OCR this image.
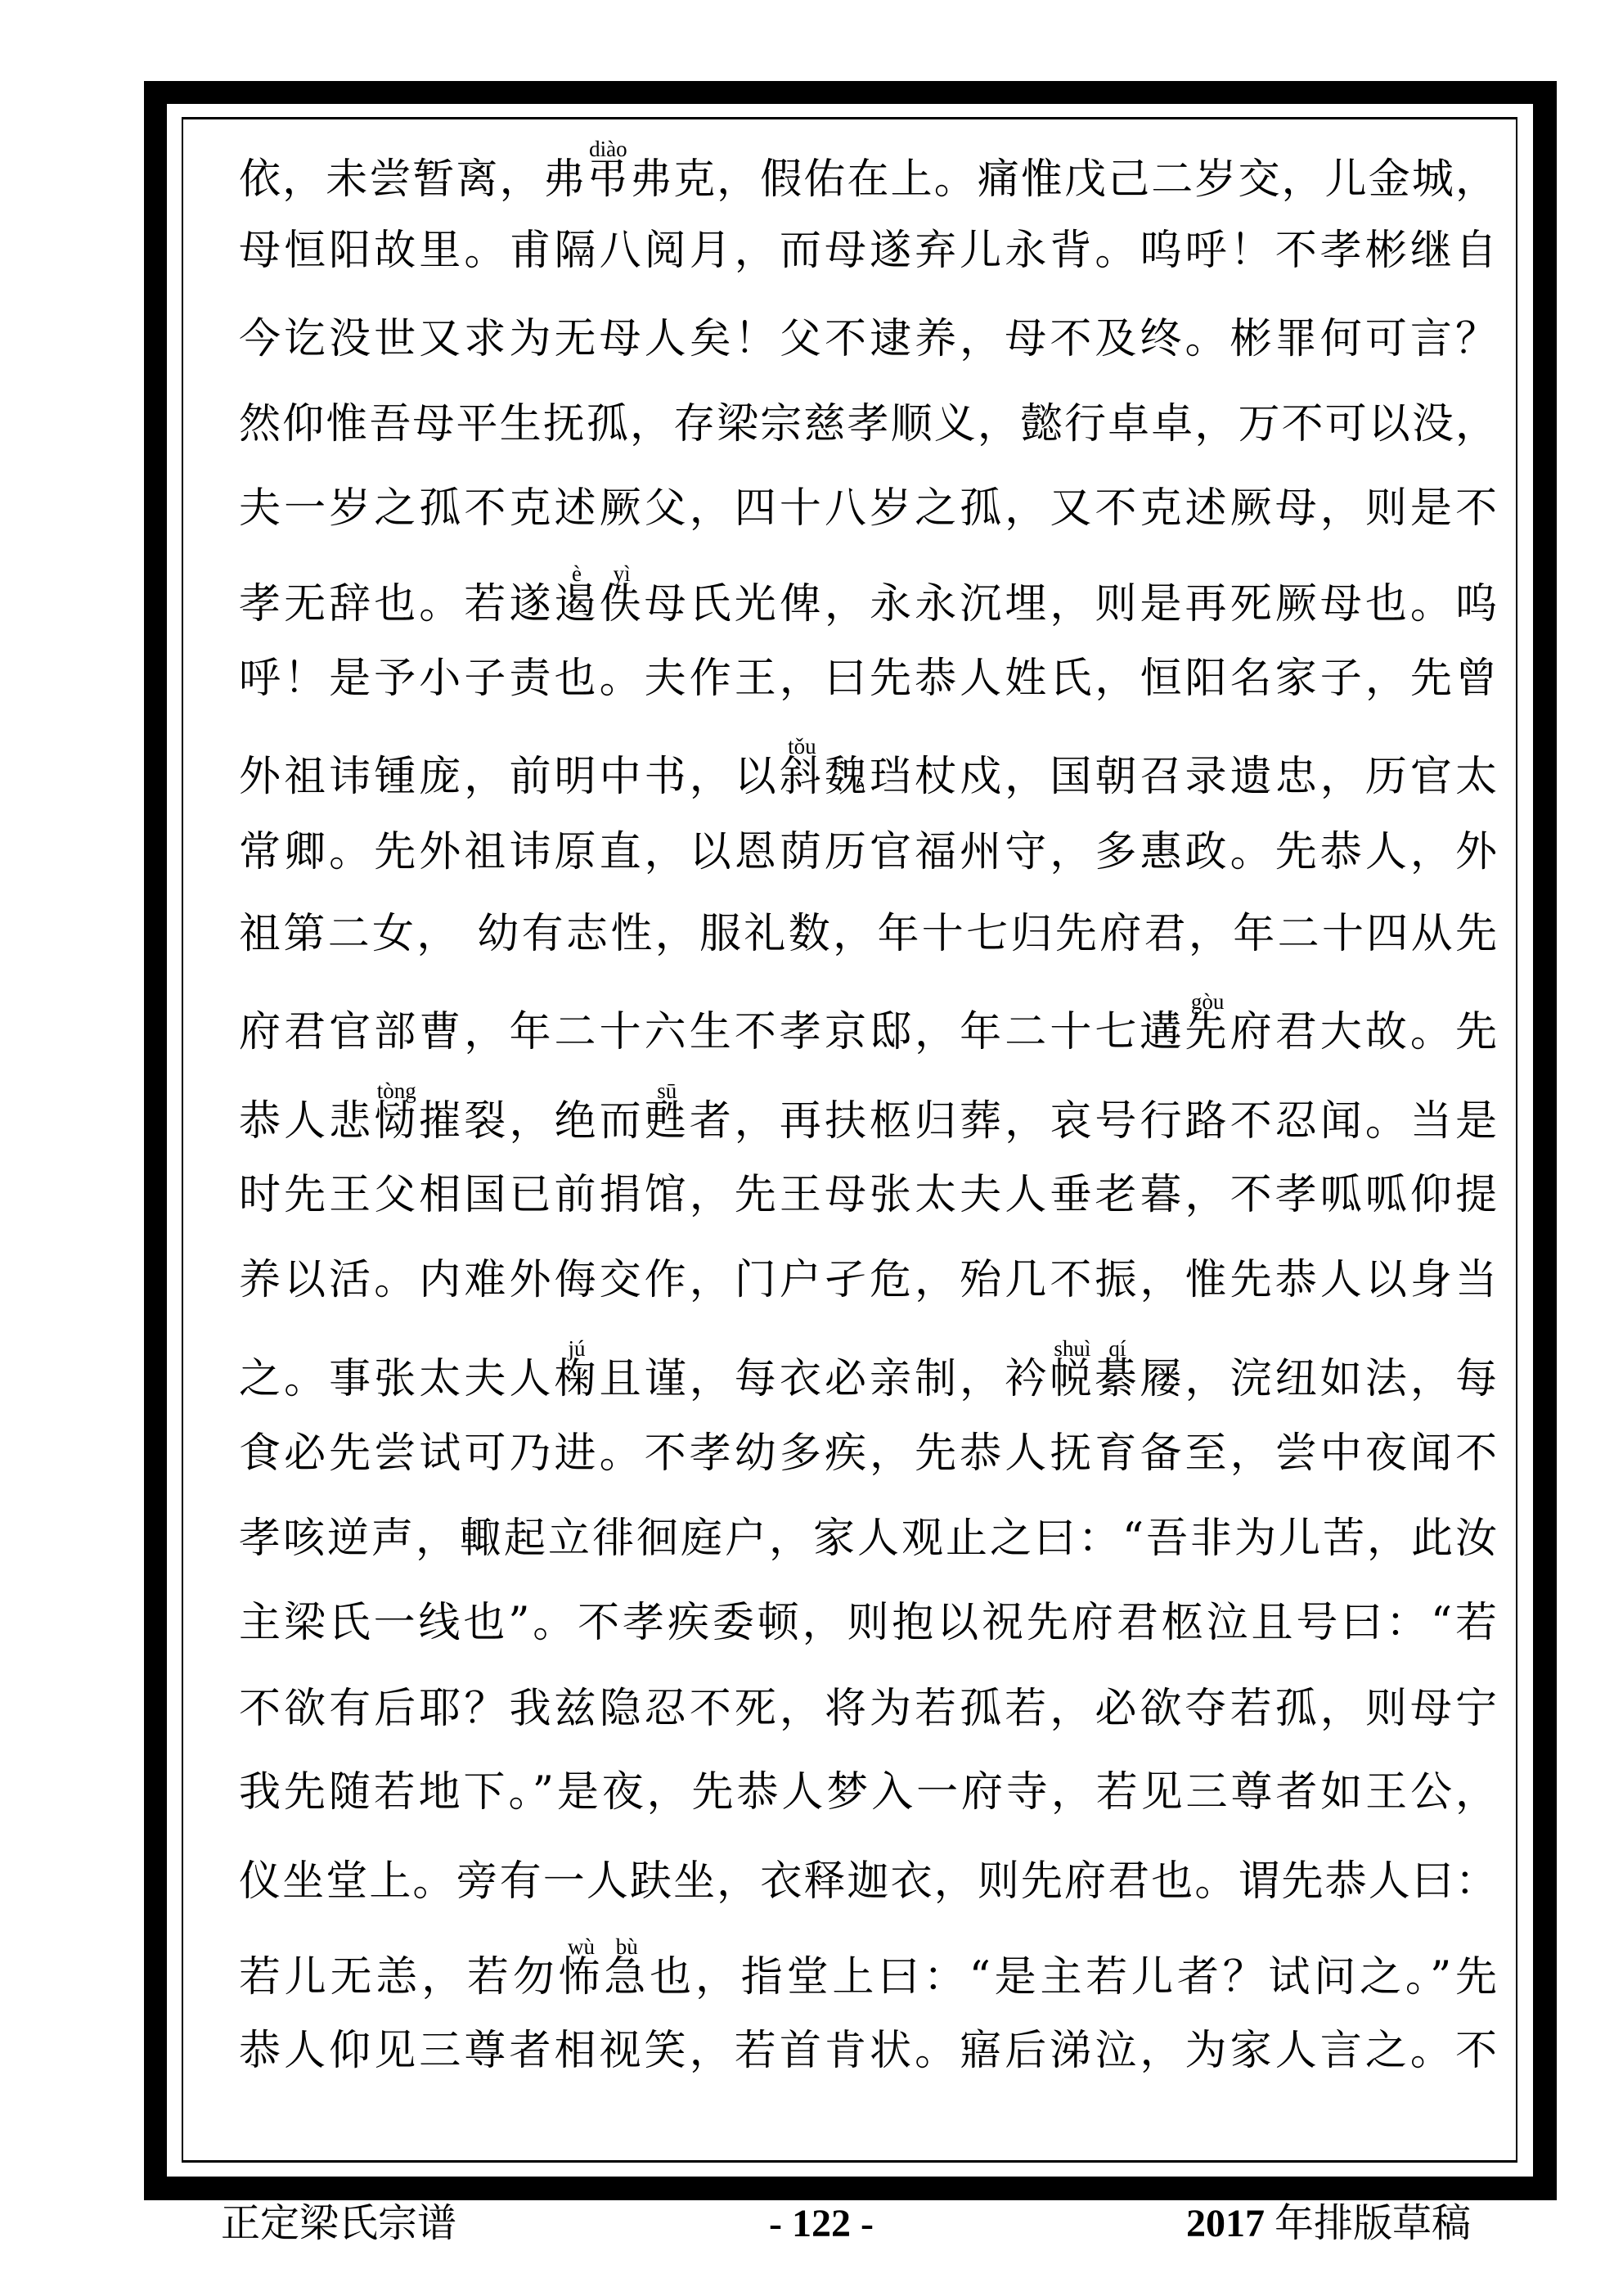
依，未尝暂离，弗弔弗克，假佑在上。痛惟戊己二岁交，儿金城，
母恒阳故里。甫隔八阅月，而母遂弃儿永背。呜呼！不孝彬继自
今讫没世又求为无母人矣！父不逮养，母不及终。彬罪何可言？
然仰惟吾母平生抚孤，存梁宗慈孝顺义，懿行卓卓，万不可以没，
夫一岁之孤不克述厥父，四十八岁之孤，又不克述厥母，则是不
孝无辞也。若遂遏佚母氏光俾，永永沉埋，则是再死厥母也。呜
呼！是予小子责也。夫作王，曰先恭人姓氏，恒阳名家子，先曾
外祖讳锺庞，前明中书，以斜魏珰杖戍，国朝召录遗忠，历官太
常卿。先外祖讳原直，以恩荫历官福州守，多惠政。先恭人，外
祖第二女， 幼有志性，服礼数，年十七归先府君，年二十四从先
府君官部曹，年二十六生不孝京邸，年二十七遘先府君大故。先
恭人悲恸摧裂，绝而甦者，再扶柩归葬，哀号行路不忍闻。当是
时先王父相国已前捐馆，先王母张太夫人垂老暮，不孝呱呱仰提
养以活。内难外侮交作，门户孑危，殆几不振，惟先恭人以身当
之。事张太夫人椈且谨，每衣必亲制，衿帨綦屦，浣纽如法，每
食必先尝试可乃进。不孝幼多疾，先恭人抚育备至，尝中夜闻不
孝咳逆声，輙起立徘徊庭户，家人观止之曰：“吾非为儿苦，此汝
主梁氏一线也”。不孝疾委顿，则抱以祝先府君柩泣且号曰：“若
不欲有后耶？我兹隐忍不死，将为若孤若，必欲夺若孤，则母宁
我先随若地下。”是夜，先恭人梦入一府寺，若见三尊者如王公，
仪坐堂上。旁有一人趺坐，衣释迦衣，则先府君也。谓先恭人曰：
若儿无恙，若勿怖急也，指堂上曰：“是主若儿者？试问之。”先
恭人仰见三尊者相视笑，若首肯状。寤后涕泣，为家人言之。不
diào
è yì
tǒu
gòu
tòng	sū
jú	shuì qí
wù bù
正定梁氏宗谱	- 122 -	2017 年排版草稿
